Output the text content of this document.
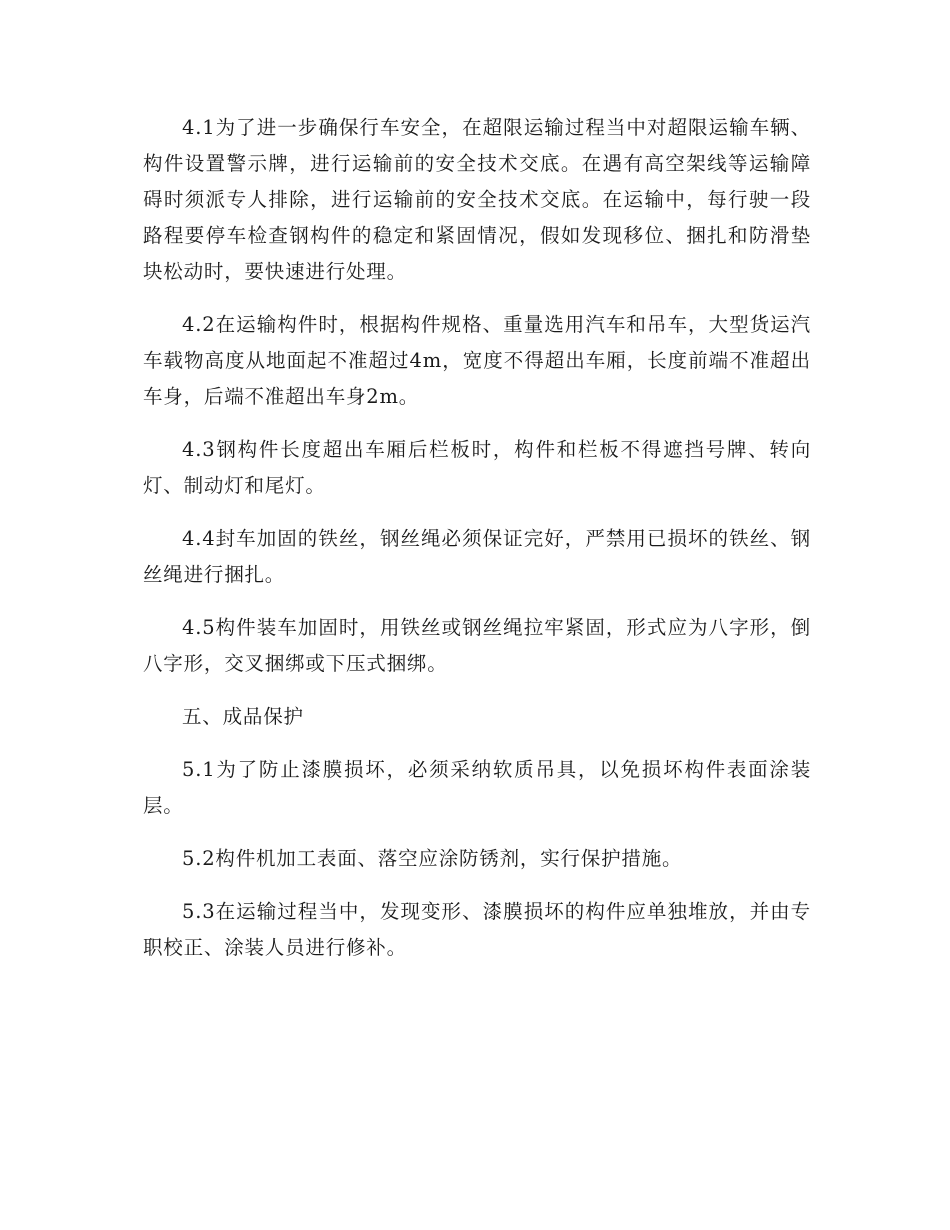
4.1为了进一步确保行车安全，在超限运输过程当中对超限运输车辆、构件设置警示牌，进行运输前的安全技术交底。在遇有高空架线等运输障碍时须派专人排除，进行运输前的安全技术交底。在运输中，每行驶一段路程要停车检查钢构件的稳定和紧固情况，假如发现移位、捆扎和防滑垫块松动时，要快速进行处理。

4.2在运输构件时，根据构件规格、重量选用汽车和吊车，大型货运汽车载物高度从地面起不准超过4m，宽度不得超出车厢，长度前端不准超出车身，后端不准超出车身2m。

4.3钢构件长度超出车厢后栏板时，构件和栏板不得遮挡号牌、转向灯、制动灯和尾灯。

4.4封车加固的铁丝，钢丝绳必须保证完好，严禁用已损坏的铁丝、钢丝绳进行捆扎。

4.5构件装车加固时，用铁丝或钢丝绳拉牢紧固，形式应为八字形，倒八字形，交叉捆绑或下压式捆绑。

五、成品保护

5.1为了防止漆膜损坏，必须采纳软质吊具，以免损坏构件表面涂装层。

5.2构件机加工表面、落空应涂防锈剂，实行保护措施。

5.3在运输过程当中，发现变形、漆膜损坏的构件应单独堆放，并由专职校正、涂装人员进行修补。
